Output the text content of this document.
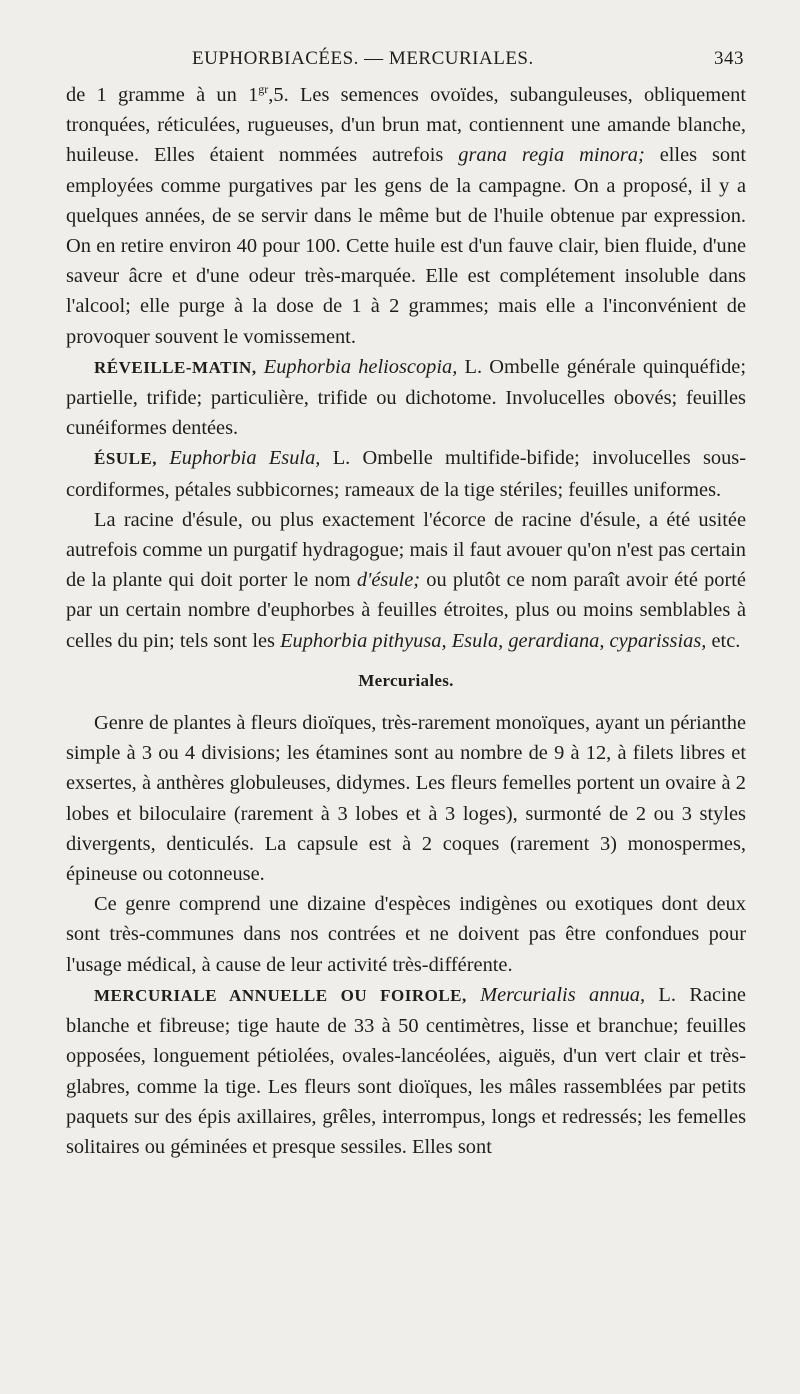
EUPHORBIACÉES. — MERCURIALES.	343

de 1 gramme à un $1^{gr},5$. Les semences ovoïdes, subanguleuses, obliquement tronquées, réticulées, rugueuses, d'un brun mat, contiennent une amande blanche, huileuse. Elles étaient nommées autrefois grana regia minora; elles sont employées comme purgatives par les gens de la campagne. On a proposé, il y a quelques années, de se servir dans le même but de l'huile obtenue par expression. On en retire environ 40 pour 100. Cette huile est d'un fauve clair, bien fluide, d'une saveur âcre et d'une odeur très-marquée. Elle est complétement insoluble dans l'alcool; elle purge à la dose de 1 à 2 grammes; mais elle a l'inconvénient de provoquer souvent le vomissement.

RÉVEILLE-MATIN, Euphorbia helioscopia, L. Ombelle générale quinquéfide; partielle, trifide; particulière, trifide ou dichotome. Involucelles obovés; feuilles cunéiformes dentées.

ÉSULE, Euphorbia Esula, L. Ombelle multifide-bifide; involucelles sous-cordiformes, pétales subbicornes; rameaux de la tige stériles; feuilles uniformes.

La racine d'ésule, ou plus exactement l'écorce de racine d'ésule, a été usitée autrefois comme un purgatif hydragogue; mais il faut avouer qu'on n'est pas certain de la plante qui doit porter le nom d'ésule; ou plutôt ce nom paraît avoir été porté par un certain nombre d'euphorbes à feuilles étroites, plus ou moins semblables à celles du pin; tels sont les Euphorbia pithyusa, Esula, gerardiana, cyparissias, etc.

Mercuriales.

Genre de plantes à fleurs dioïques, très-rarement monoïques, ayant un périanthe simple à 3 ou 4 divisions; les étamines sont au nombre de 9 à 12, à filets libres et exsertes, à anthères globuleuses, didymes. Les fleurs femelles portent un ovaire à 2 lobes et biloculaire (rarement à 3 lobes et à 3 loges), surmonté de 2 ou 3 styles divergents, denticulés. La capsule est à 2 coques (rarement 3) monospermes, épineuse ou cotonneuse.

Ce genre comprend une dizaine d'espèces indigènes ou exotiques dont deux sont très-communes dans nos contrées et ne doivent pas être confondues pour l'usage médical, à cause de leur activité très-différente.

MERCURIALE ANNUELLE OU FOIROLE, Mercurialis annua, L. Racine blanche et fibreuse; tige haute de 33 à 50 centimètres, lisse et branchue; feuilles opposées, longuement pétiolées, ovales-lancéolées, aiguës, d'un vert clair et très-glabres, comme la tige. Les fleurs sont dioïques, les mâles rassemblées par petits paquets sur des épis axillaires, grêles, interrompus, longs et redressés; les femelles solitaires ou géminées et presque sessiles. Elles sont
